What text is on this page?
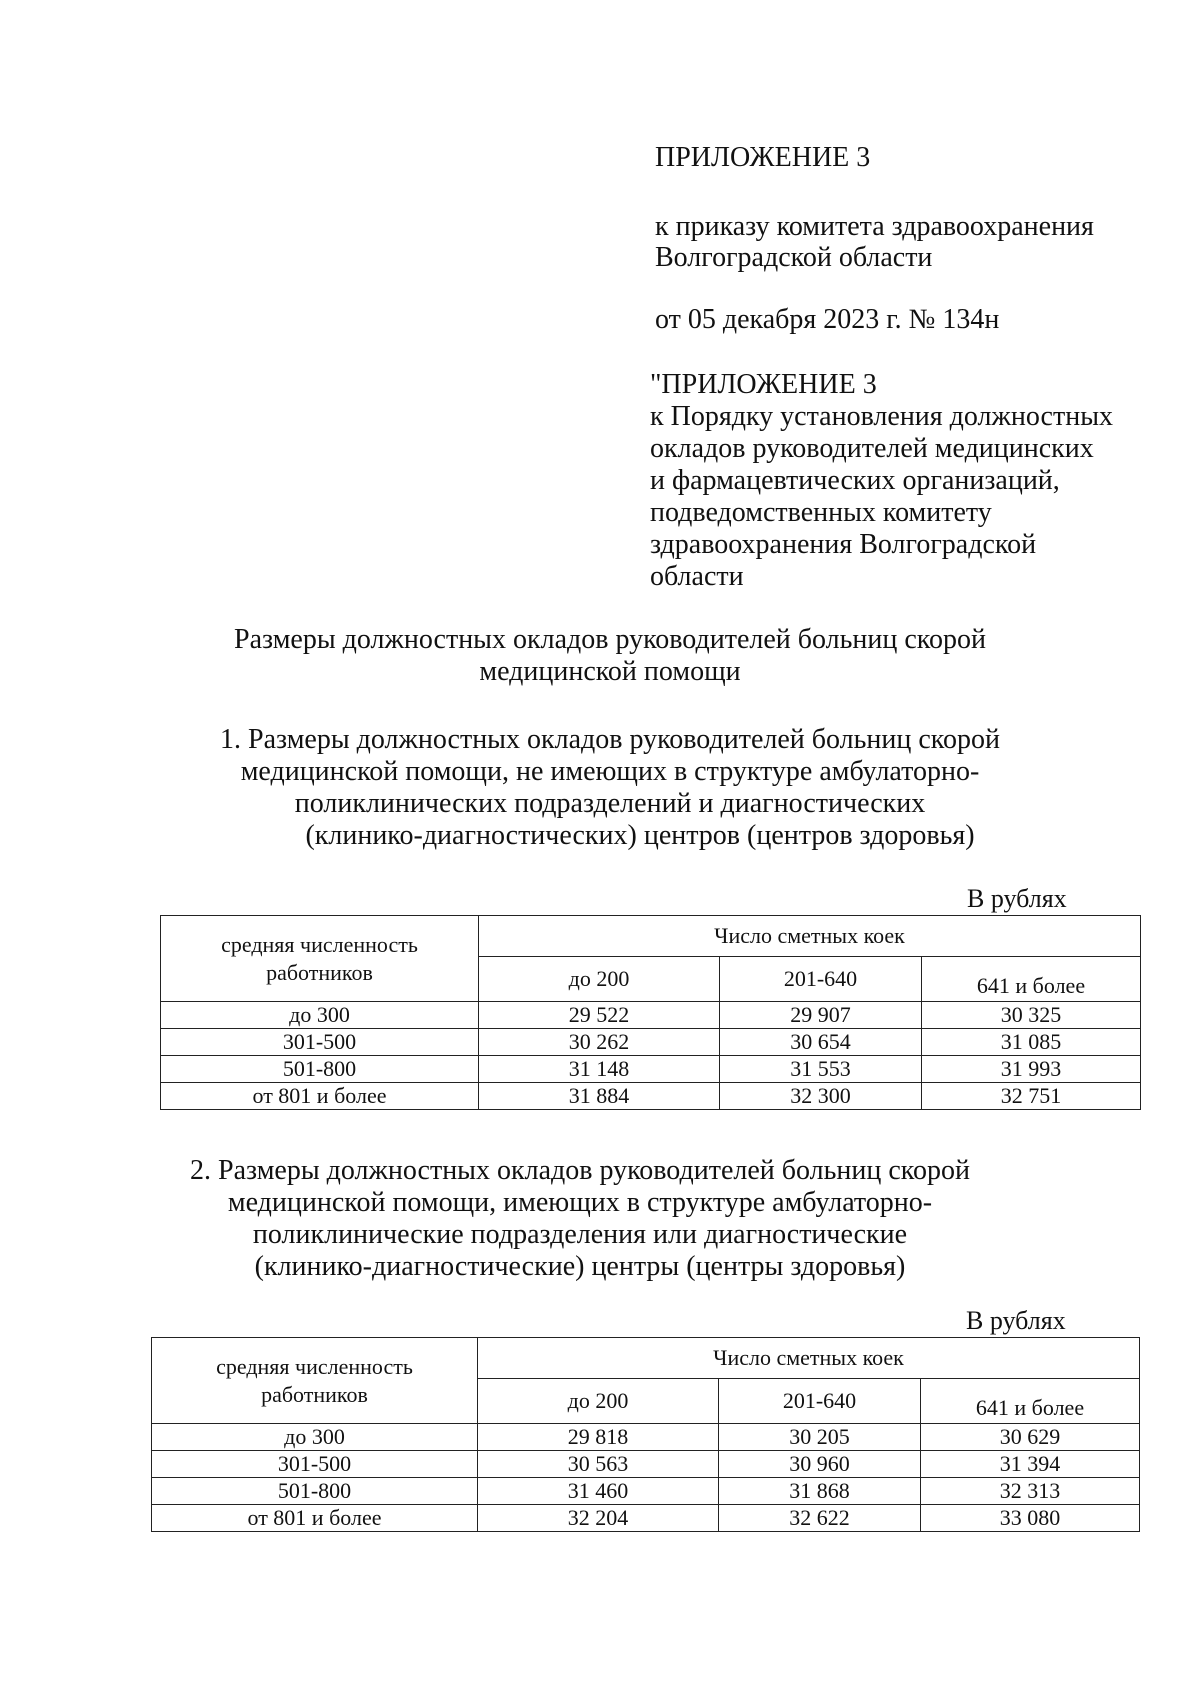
ПРИЛОЖЕНИЕ 3
к приказу комитета здравоохранения
Волгоградской области
от 05 декабря 2023 г. № 134н
"ПРИЛОЖЕНИЕ 3
к Порядку установления должностных
окладов руководителей медицинских
и фармацевтических организаций,
подведомственных комитету
здравоохранения Волгоградской
области
Размеры должностных окладов руководителей больниц скорой
медицинской помощи
1. Размеры должностных окладов руководителей больниц скорой
медицинской помощи, не имеющих в структуре амбулаторно-
поликлинических подразделений и диагностических
(клинико-диагностических) центров (центров здоровья)
В рублях
средняя численность
работников	Число сметных коек		
	до 200	201-640	641 и более
до 300	29 522	29 907	30 325
301-500	30 262	30 654	31 085
501-800	31 148	31 553	31 993
от 801 и более	31 884	32 300	32 751
2. Размеры должностных окладов руководителей больниц скорой
медицинской помощи, имеющих в структуре амбулаторно-
поликлинические подразделения или диагностические
(клинико-диагностические) центры (центры здоровья)
В рублях
средняя численность
работников	Число сметных коек		
	до 200	201-640	641 и более
до 300	29 818	30 205	30 629
301-500	30 563	30 960	31 394
501-800	31 460	31 868	32 313
от 801 и более	32 204	32 622	33 080
